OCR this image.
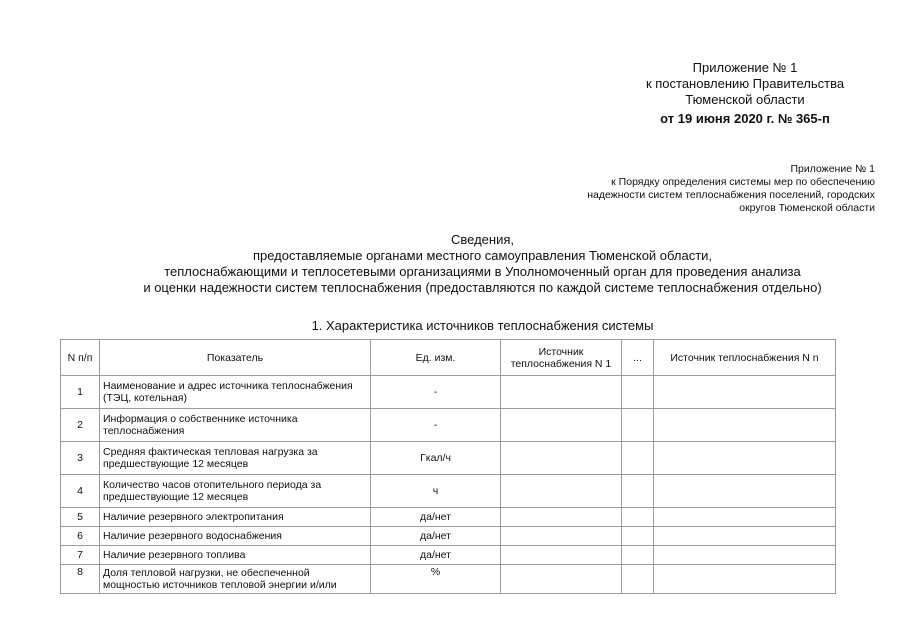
Приложение № 1
к постановлению Правительства
Тюменской области
от 19 июня 2020 г. № 365-п
Приложение № 1
к Порядку определения системы мер по обеспечению
надежности систем теплоснабжения поселений, городских
округов Тюменской области
Сведения,
предоставляемые органами местного самоуправления Тюменской области,
теплоснабжающими и теплосетевыми организациями в Уполномоченный орган для проведения анализа
и оценки надежности систем теплоснабжения (предоставляются по каждой системе теплоснабжения отдельно)
1. Характеристика источников теплоснабжения системы
N п/п	Показатель	Ед. изм.	Источник теплоснабжения N 1	...	Источник теплоснабжения N n
1	Наименование и адрес источника теплоснабжения (ТЭЦ, котельная)	-			
2	Информация о собственнике источника теплоснабжения	-			
3	Средняя фактическая тепловая нагрузка за предшествующие 12 месяцев	Гкал/ч			
4	Количество часов отопительного периода за предшествующие 12 месяцев	ч			
5	Наличие резервного электропитания	да/нет			
6	Наличие резервного водоснабжения	да/нет			
7	Наличие резервного топлива	да/нет			
8	Доля тепловой нагрузки, не обеспеченной мощностью источников тепловой энергии и/или	%			
